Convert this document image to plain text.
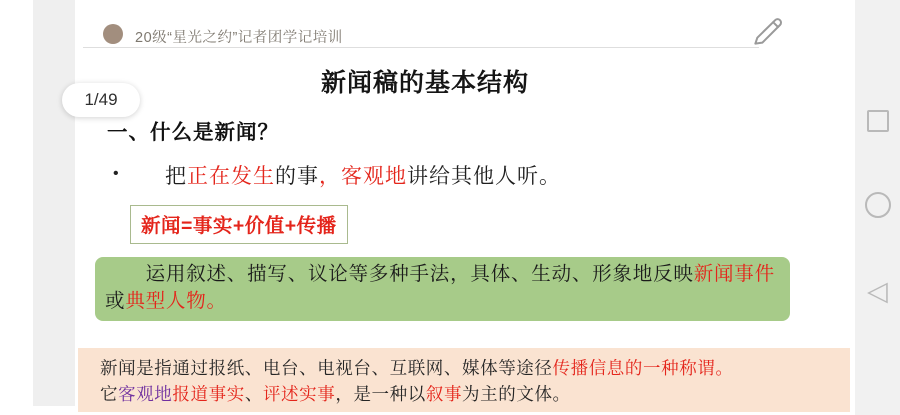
20级“星光之约”记者团学记培训
新闻稿的基本结构
一、什么是新闻？
•	把正在发生的事，客观地讲给其他人听。
新闻=事实+价值+传播
　　运用叙述、描写、议论等多种手法，具体、生动、形象地反映新闻事件
或典型人物。
新闻是指通过报纸、电台、电视台、互联网、媒体等途径传播信息的一种称谓。
它客观地报道事实、评述实事，是一种以叙事为主的文体。
1/49
◁
